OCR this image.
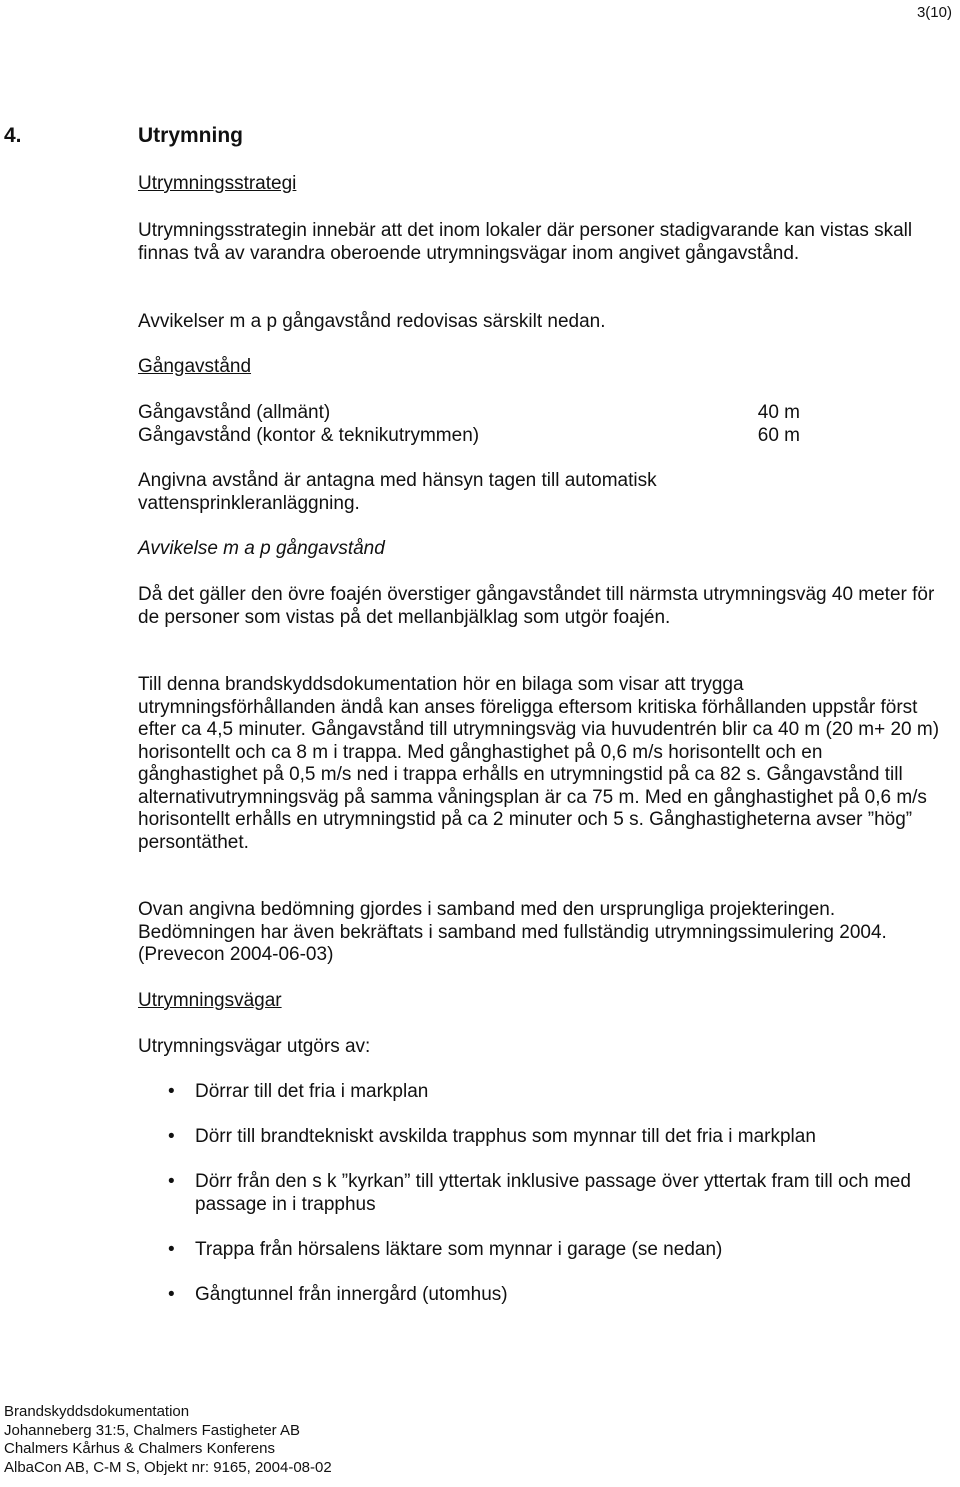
3(10)
4.	Utrymning
Utrymningsstrategi
Utrymningsstrategin innebär att det inom lokaler där personer stadigvarande kan vistas skall finnas två av varandra oberoende utrymningsvägar inom angivet gångavstånd.
Avvikelser m a p gångavstånd redovisas särskilt nedan.
Gångavstånd
Gångavstånd (allmänt)	40 m
Gångavstånd (kontor & teknikutrymmen)	60 m
Angivna avstånd är antagna med hänsyn tagen till automatisk vattensprinkleranläggning.
Avvikelse m a p gångavstånd
Då det gäller den övre foajén överstiger gångavståndet till närmsta utrymningsväg 40 meter för de personer som vistas på det mellanbjälklag som utgör foajén.
Till denna brandskyddsdokumentation hör en bilaga som visar att trygga utrymningsförhållanden ändå kan anses föreligga eftersom kritiska förhållanden uppstår först efter ca 4,5 minuter. Gångavstånd till utrymningsväg via huvudentrén blir ca 40 m (20 m+ 20 m) horisontellt och ca 8 m i trappa. Med gånghastighet på 0,6 m/s horisontellt och en gånghastighet på 0,5 m/s ned i trappa erhålls en utrymningstid på ca 82 s. Gångavstånd till alternativutrymningsväg på samma våningsplan är ca 75 m. Med en gånghastighet på 0,6 m/s horisontellt erhålls en utrymningstid på ca 2 minuter och 5 s. Gånghastigheterna avser ”hög” persontäthet.
Ovan angivna bedömning gjordes i samband med den ursprungliga projekteringen. Bedömningen har även bekräftats i samband med fullständig utrymningssimulering 2004. (Prevecon 2004-06-03)
Utrymningsvägar
Utrymningsvägar utgörs av:
• Dörrar till det fria i markplan
• Dörr till brandtekniskt avskilda trapphus som mynnar till det fria i markplan
• Dörr från den s k ”kyrkan” till yttertak inklusive passage över yttertak fram till och med passage in i trapphus
• Trappa från hörsalens läktare som mynnar i garage (se nedan)
• Gångtunnel från innergård (utomhus)
Brandskyddsdokumentation
Johanneberg 31:5, Chalmers Fastigheter AB
Chalmers Kårhus & Chalmers Konferens
AlbaCon AB, C-M S, Objekt nr: 9165, 2004-08-02
